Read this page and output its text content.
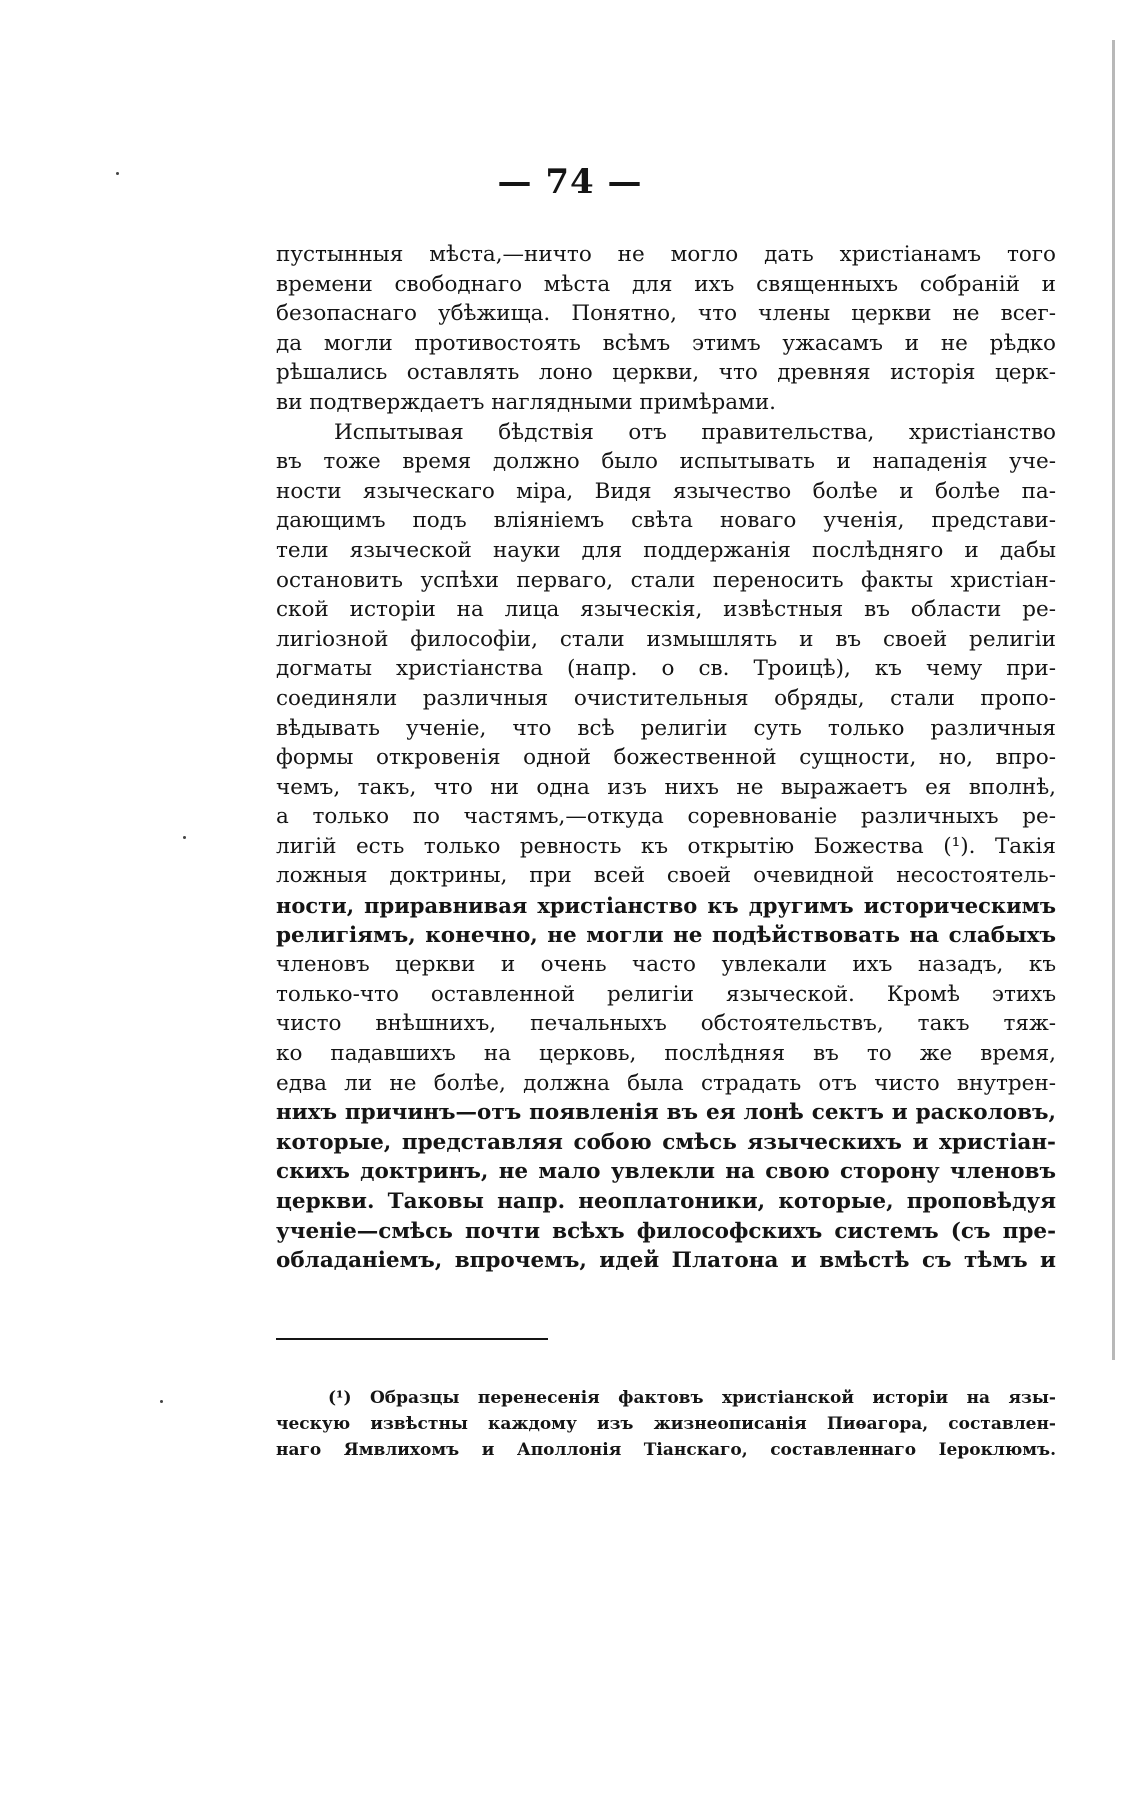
— 74 —
пустынныя мѣста,—ничто не могло дать христіанамъ того
времени свободнаго мѣста для ихъ священныхъ собраній и
безопаснаго убѣжища. Понятно, что члены церкви не всег-
да могли противостоять всѣмъ этимъ ужасамъ и не рѣдко
рѣшались оставлять лоно церкви, что древняя исторія церк-
ви подтверждаетъ наглядными примѣрами.
Испытывая бѣдствія отъ правительства, христіанство
въ тоже время должно было испытывать и нападенія уче-
ности языческаго міра, Видя язычество болѣе и болѣе па-
дающимъ подъ вліяніемъ свѣта новаго ученія, представи-
тели языческой науки для поддержанія послѣдняго и дабы
остановить успѣхи перваго, стали переносить факты христіан-
ской исторіи на лица языческія, извѣстныя въ области ре-
лигіозной философіи, стали измышлять и въ своей религіи
догматы христіанства (напр. о св. Троицѣ), къ чему при-
соединяли различныя очистительныя обряды, стали пропо-
вѣдывать ученіе, что всѣ религіи суть только различныя
формы откровенія одной божественной сущности, но, впро-
чемъ, такъ, что ни одна изъ нихъ не выражаетъ ея вполнѣ,
а только по частямъ,—откуда соревнованіе различныхъ ре-
лигій есть только ревность къ открытію Божества (¹). Такія
ложныя доктрины, при всей своей очевидной несостоятель-
ности, приравнивая христіанство къ другимъ историческимъ
религіямъ, конечно, не могли не подѣйствовать на слабыхъ
членовъ церкви и очень часто увлекали ихъ назадъ, къ
только-что оставленной религіи языческой. Кромѣ этихъ
чисто внѣшнихъ, печальныхъ обстоятельствъ, такъ тяж-
ко падавшихъ на церковь, послѣдняя въ то же время,
едва ли не болѣе, должна была страдать отъ чисто внутрен-
нихъ причинъ—отъ появленія въ ея лонѣ сектъ и расколовъ,
которые, представляя собою смѣсь языческихъ и христіан-
скихъ доктринъ, не мало увлекли на свою сторону членовъ
церкви. Таковы напр. неоплатоники, которые, проповѣдуя
ученіе—смѣсь почти всѣхъ философскихъ системъ (съ пре-
обладаніемъ, впрочемъ, идей Платона и вмѣстѣ съ тѣмъ и
(¹) Образцы перенесенія фактовъ христіанской исторіи на язы-
ческую извѣстны каждому изъ жизнеописанія Пиѳагора, составлен-
наго Ямвлихомъ и Аполлонія Тіанскаго, составленнаго Іероклюмъ.
